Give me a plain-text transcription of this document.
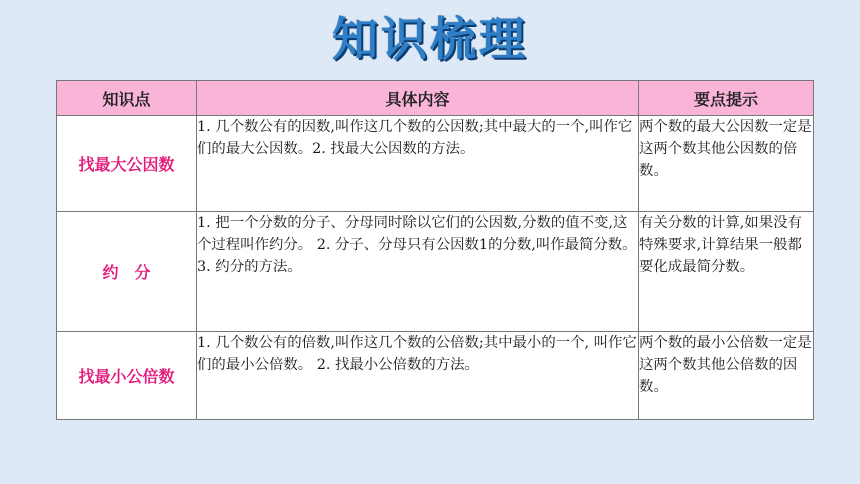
知识梳理
知识点	具体内容	要点提示
找最大公因数	1. 几个数公有的因数,叫作这几个数的公因数;其中最大的一个,叫作它们的最大公因数。2. 找最大公因数的方法。	两个数的最大公因数一定是这两个数其他公因数的倍数。
约　分	1. 把一个分数的分子、分母同时除以它们的公因数,分数的值不变,这个过程叫作约分。 2. 分子、分母只有公因数1的分数,叫作最简分数。 3. 约分的方法。	有关分数的计算,如果没有特殊要求,计算结果一般都要化成最简分数。
找最小公倍数	1. 几个数公有的倍数,叫作这几个数的公倍数;其中最小的一个, 叫作它们的最小公倍数。 2. 找最小公倍数的方法。	两个数的最小公倍数一定是这两个数其他公倍数的因数。
